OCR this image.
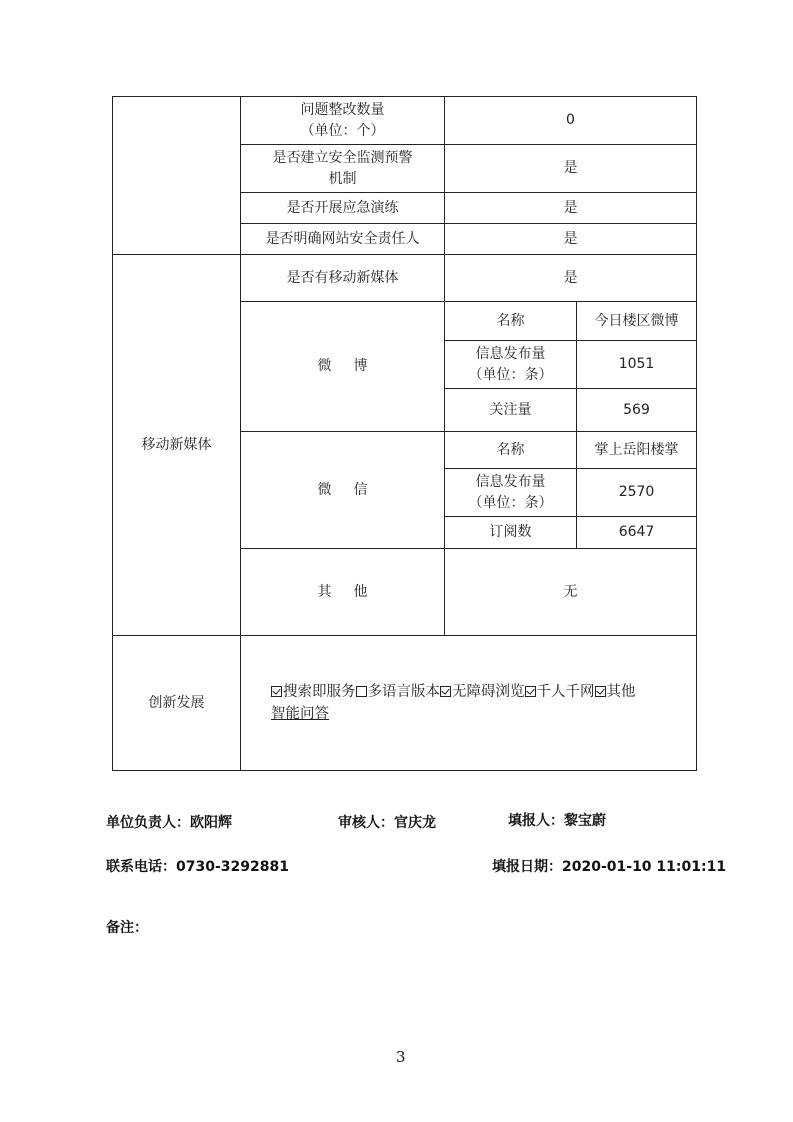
	问题整改数量
（单位：个）	0	

	是否建立安全监测预警
机制	是	
	是否开展应急演练	是	
	是否明确网站安全责任人	是	
移动新媒体	是否有移动新媒体	是	
	微博	名称	今日楼区微博

		信息发布量
（单位：条）	1051
		关注量	569
	微信	名称	掌上岳阳楼掌

		信息发布量
（单位：条）	2570
		订阅数	6647
	其他	无	
创新发展	搜索即服务 多语言版本 无障碍浏览 千人千网 其他
智能问答		
单位负责人：欧阳辉	审核人：官庆龙	填报人：黎宝蔚
联系电话：0730-3292881	填报日期：2020-01-10 11:01:11
备注：
3
